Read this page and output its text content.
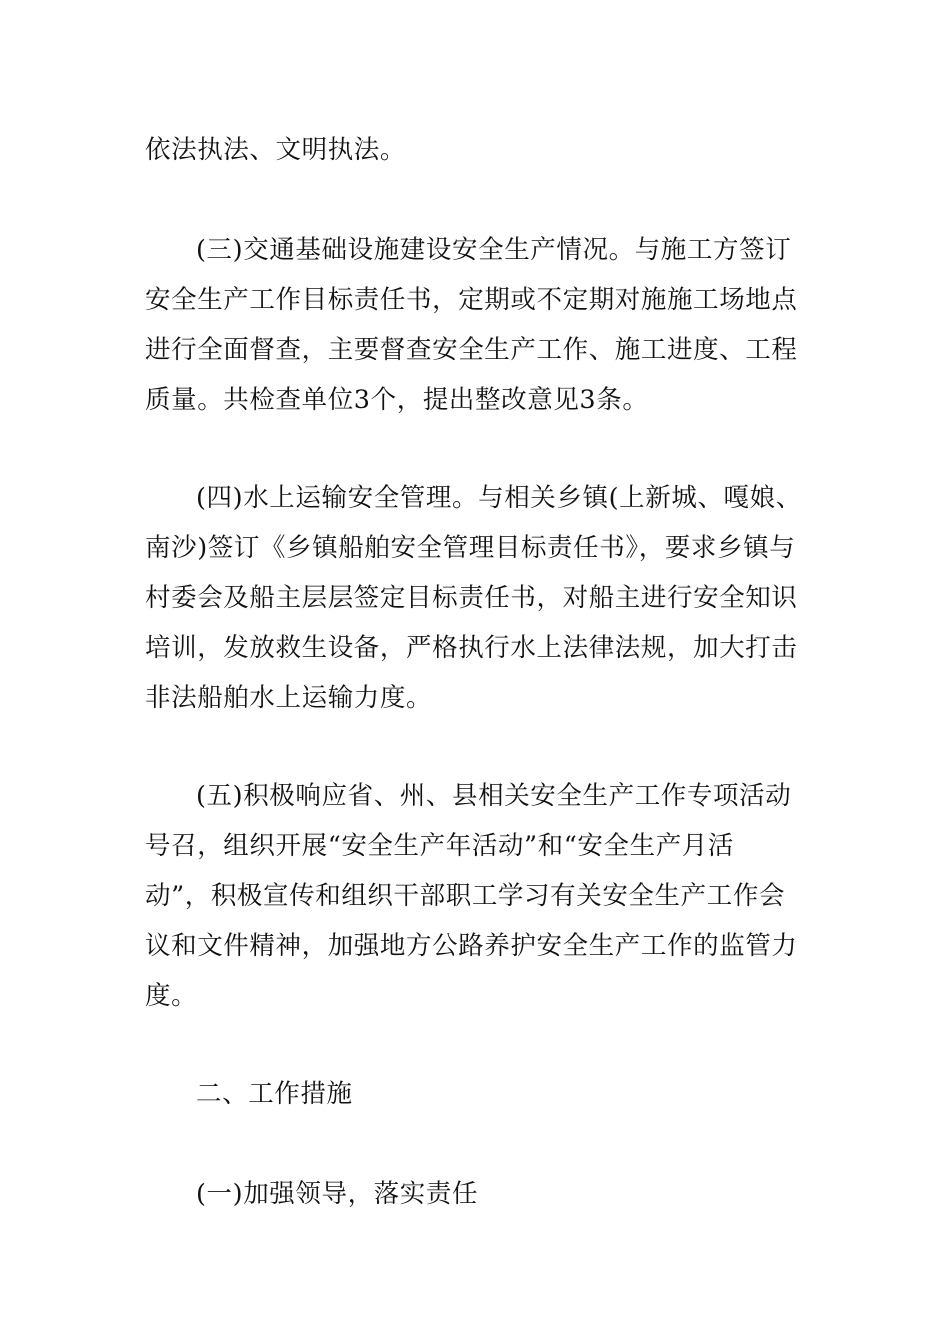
依法执法、文明执法。

(三)交通基础设施建设安全生产情况。与施工方签订
安全生产工作目标责任书，定期或不定期对施施工场地点
进行全面督查，主要督查安全生产工作、施工进度、工程
质量。共检查单位3个，提出整改意见3条。

(四)水上运输安全管理。与相关乡镇(上新城、嘎娘、
南沙)签订《乡镇船舶安全管理目标责任书》，要求乡镇与
村委会及船主层层签定目标责任书，对船主进行安全知识
培训，发放救生设备，严格执行水上法律法规，加大打击
非法船舶水上运输力度。

(五)积极响应省、州、县相关安全生产工作专项活动
号召，组织开展“安全生产年活动”和“安全生产月活
动”，积极宣传和组织干部职工学习有关安全生产工作会
议和文件精神，加强地方公路养护安全生产工作的监管力
度。

二、工作措施

(一)加强领导，落实责任
